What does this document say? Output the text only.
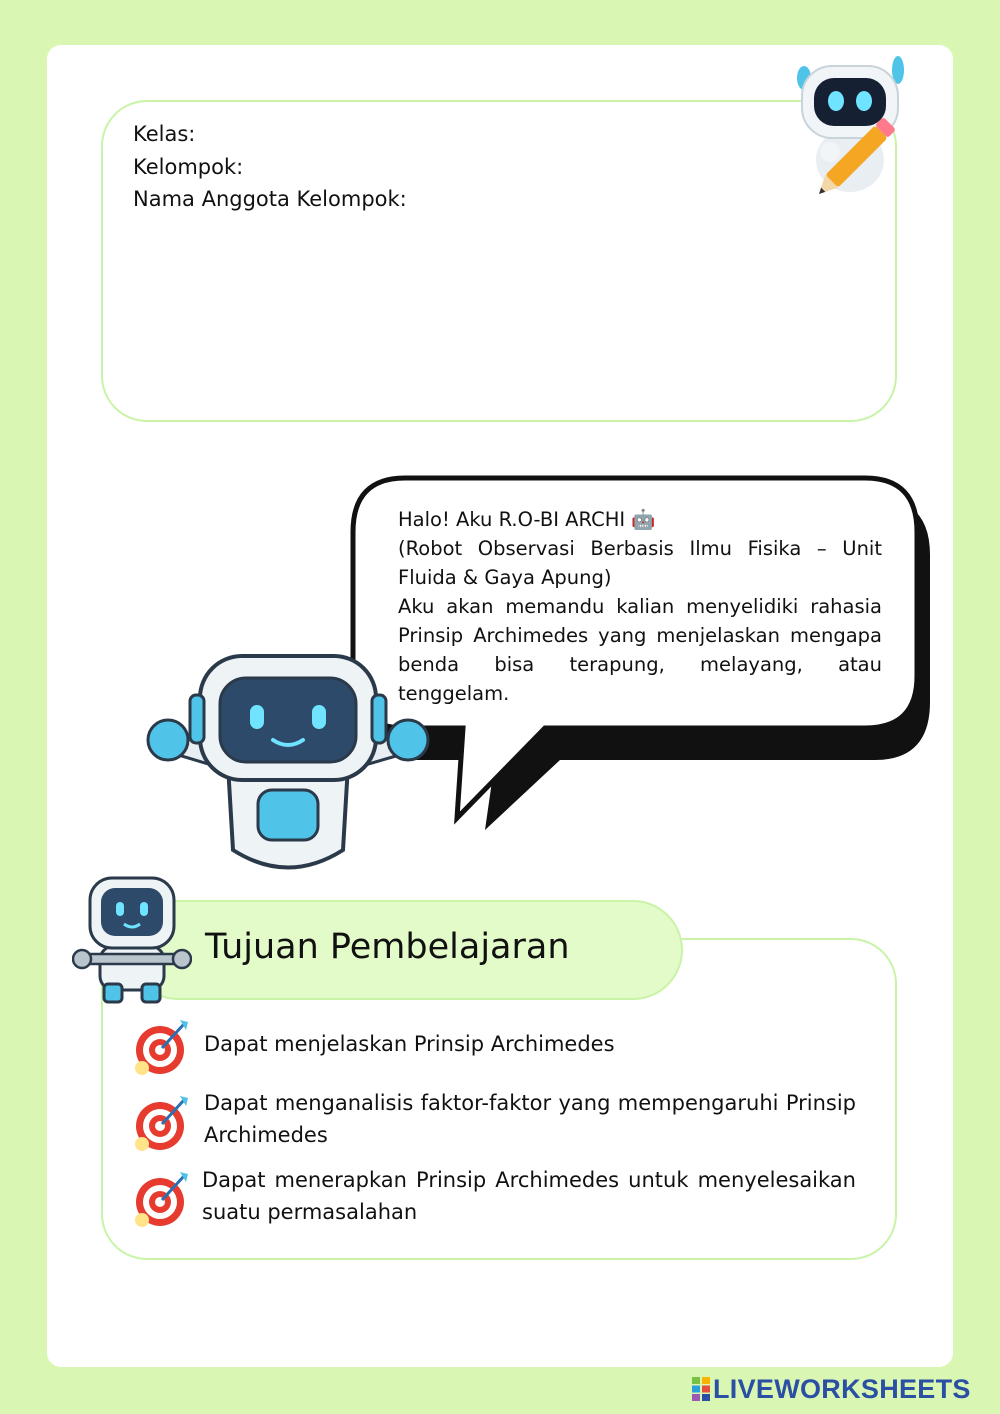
Kelas:
Kelompok:
Nama Anggota Kelompok:

Halo! Aku R.O-BI ARCHI 🤖

(Robot Observasi Berbasis Ilmu Fisika – Unit Fluida & Gaya Apung)

Aku akan memandu kalian menyelidiki rahasia Prinsip Archimedes yang menjelaskan mengapa benda bisa terapung, melayang, atau tenggelam.

Tujuan Pembelajaran
Dapat menjelaskan Prinsip Archimedes
Dapat menganalisis faktor-faktor yang mempengaruhi Prinsip Archimedes
Dapat menerapkan Prinsip Archimedes untuk menyelesaikan suatu permasalahan
LIVEWORKSHEETS
